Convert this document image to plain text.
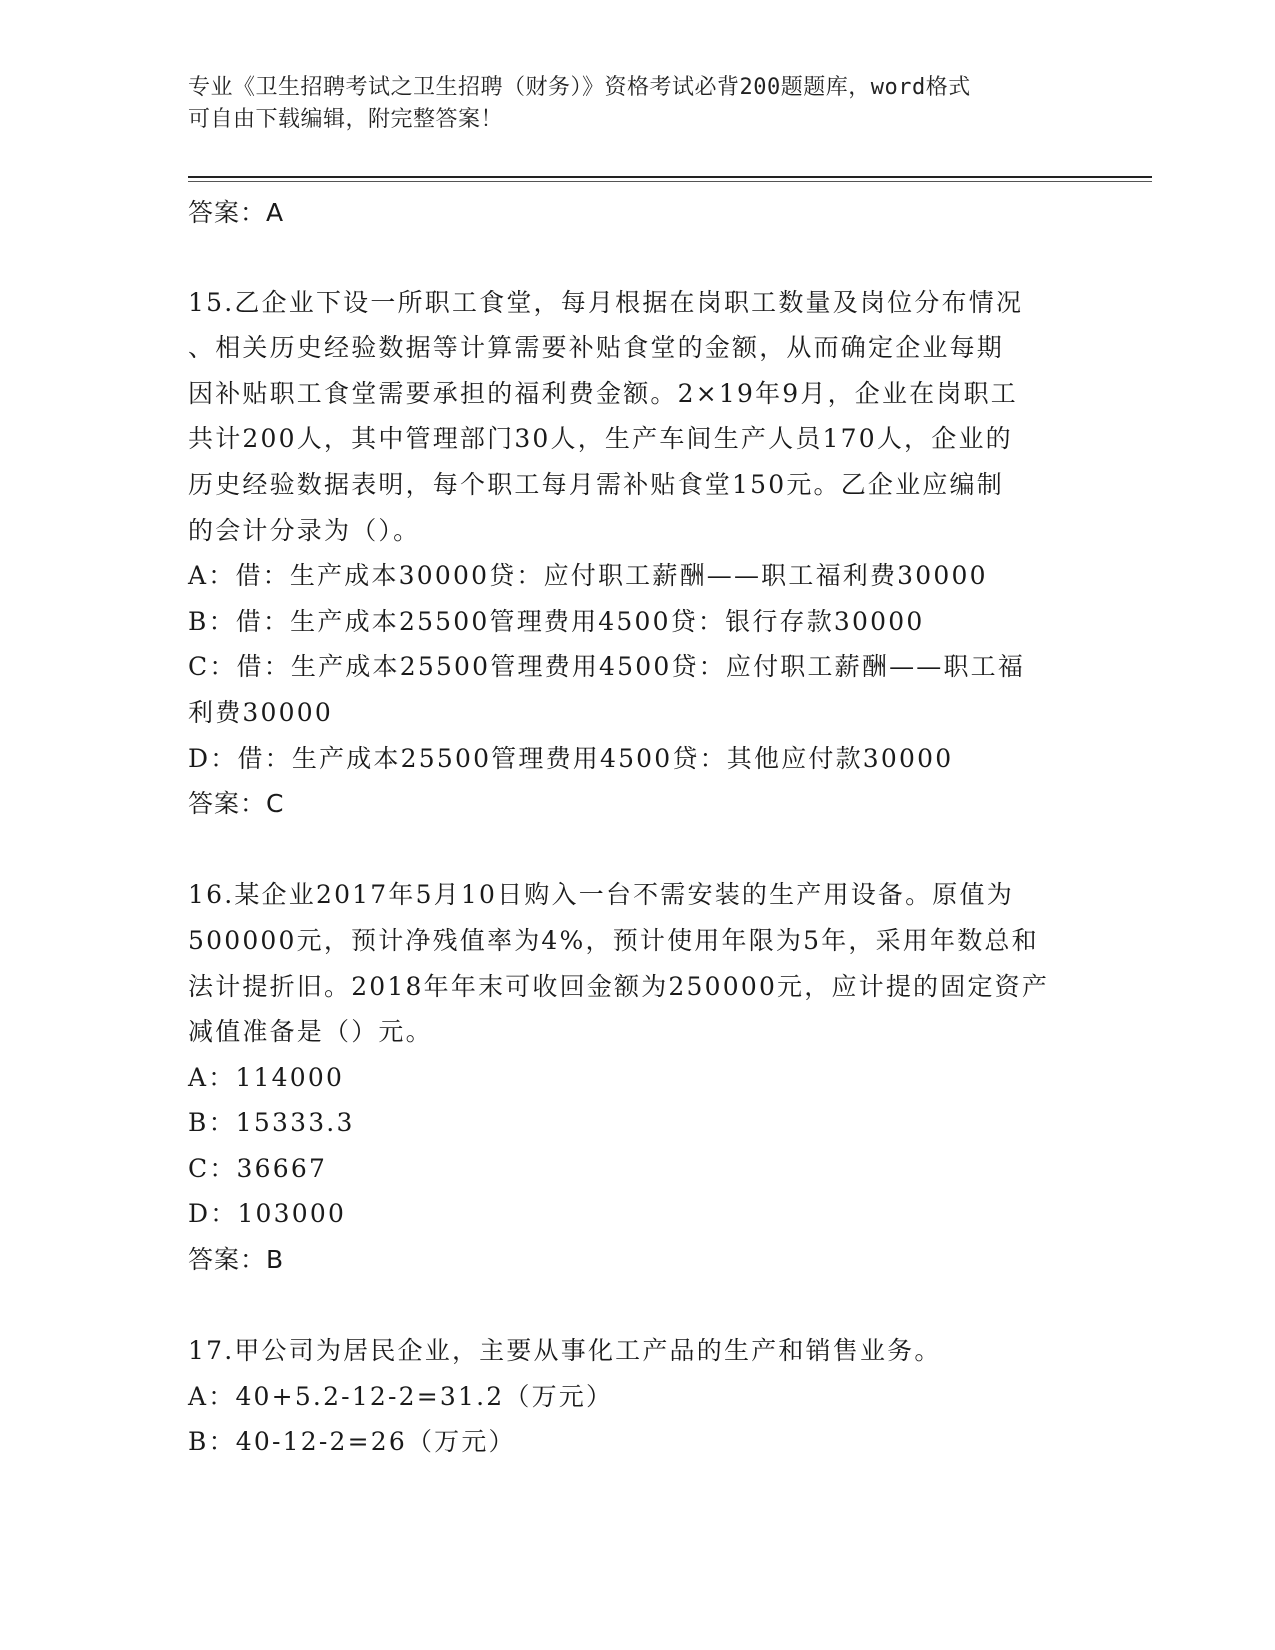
专业《卫生招聘考试之卫生招聘（财务）》资格考试必背200题题库，word格式
可自由下载编辑，附完整答案！
答案：A
15.乙企业下设一所职工食堂，每月根据在岗职工数量及岗位分布情况
、相关历史经验数据等计算需要补贴食堂的金额，从而确定企业每期
因补贴职工食堂需要承担的福利费金额。2×19年9月，企业在岗职工
共计200人，其中管理部门30人，生产车间生产人员170人，企业的
历史经验数据表明，每个职工每月需补贴食堂150元。乙企业应编制
的会计分录为（）。
A：借：生产成本30000贷：应付职工薪酬——职工福利费30000
B：借：生产成本25500管理费用4500贷：银行存款30000
C：借：生产成本25500管理费用4500贷：应付职工薪酬——职工福
利费30000
D：借：生产成本25500管理费用4500贷：其他应付款30000
答案：C
16.某企业2017年5月10日购入一台不需安装的生产用设备。原值为
500000元，预计净残值率为4%，预计使用年限为5年，采用年数总和
法计提折旧。2018年年末可收回金额为250000元，应计提的固定资产
减值准备是（）元。
A：114000
B：15333.3
C：36667
D：103000
答案：B
17.甲公司为居民企业，主要从事化工产品的生产和销售业务。
A：40+5.2-12-2=31.2（万元）
B：40-12-2=26（万元）
